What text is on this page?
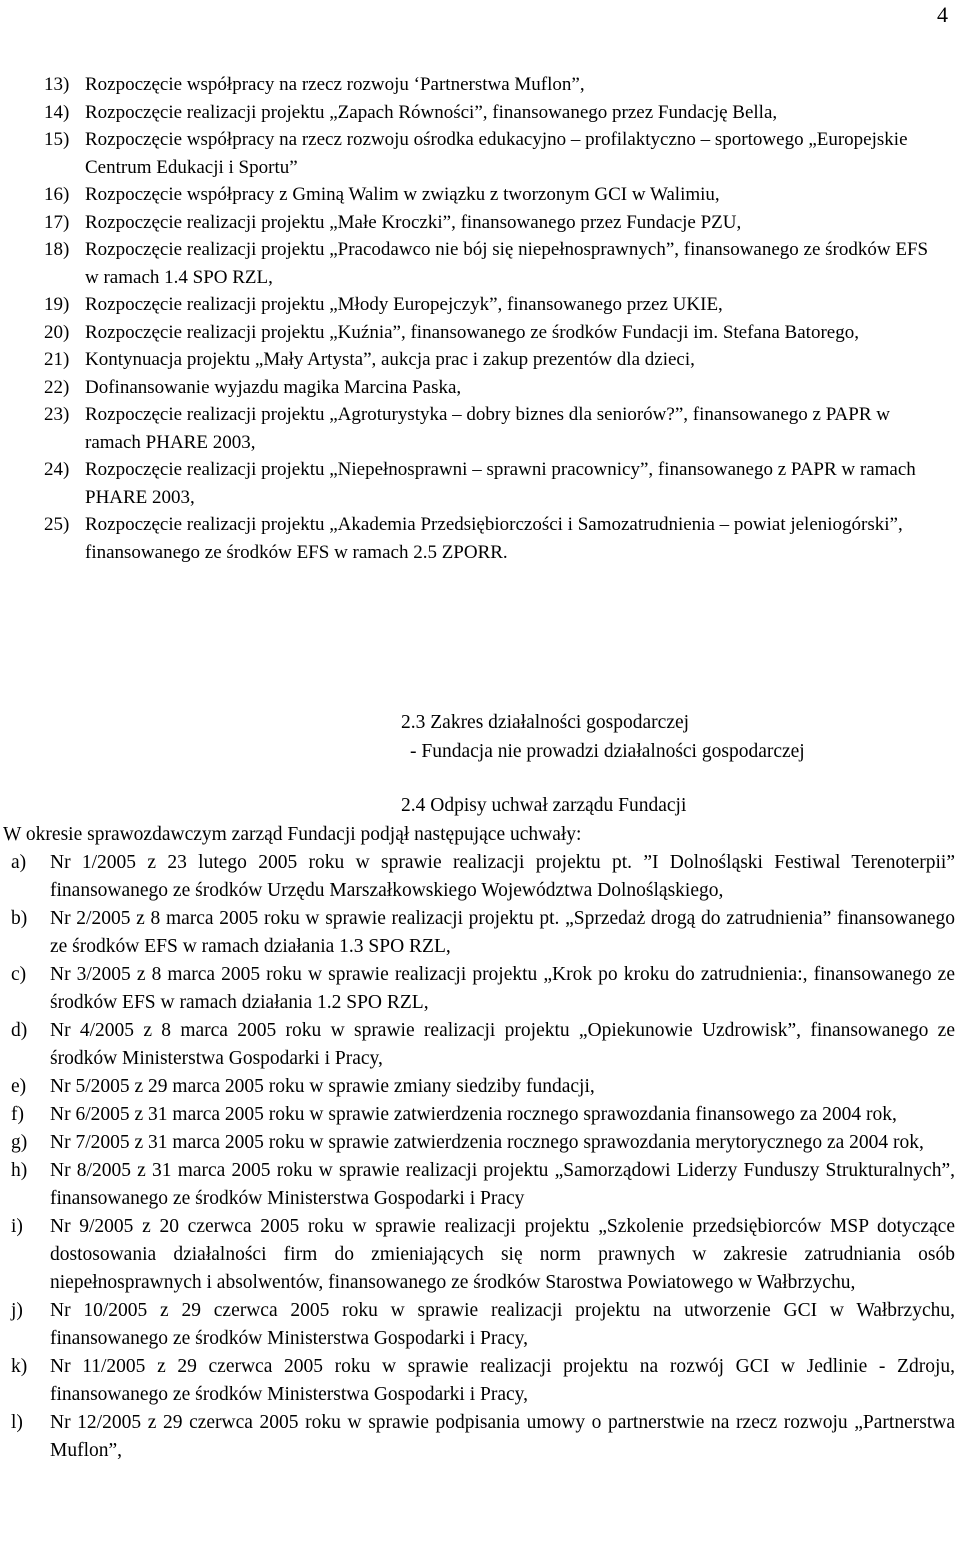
4
13) Rozpoczęcie współpracy na rzecz rozwoju ‘Partnerstwa Muflon”,
14) Rozpoczęcie realizacji projektu „Zapach Równości”, finansowanego przez Fundację Bella,
15) Rozpoczęcie współpracy na rzecz rozwoju ośrodka edukacyjno – profilaktyczno – sportowego „Europejskie Centrum Edukacji i Sportu”
16) Rozpoczęcie współpracy z Gminą Walim w związku z tworzonym GCI w Walimiu,
17) Rozpoczęcie realizacji projektu „Małe Kroczki”, finansowanego przez Fundacje PZU,
18) Rozpoczęcie realizacji projektu „Pracodawco nie bój się niepełnosprawnych”, finansowanego ze środków EFS w ramach 1.4 SPO RZL,
19) Rozpoczęcie realizacji projektu „Młody Europejczyk”, finansowanego przez UKIE,
20) Rozpoczęcie realizacji projektu „Kuźnia”, finansowanego ze środków Fundacji im. Stefana Batorego,
21) Kontynuacja projektu „Mały Artysta”, aukcja prac i zakup prezentów dla dzieci,
22) Dofinansowanie wyjazdu magika Marcina Paska,
23) Rozpoczęcie realizacji projektu „Agroturystyka – dobry biznes dla seniorów?”, finansowanego z PAPR w ramach PHARE 2003,
24) Rozpoczęcie realizacji projektu „Niepełnosprawni – sprawni pracownicy”, finansowanego z PAPR w ramach PHARE 2003,
25) Rozpoczęcie realizacji projektu „Akademia Przedsiębiorczości i Samozatrudnienia – powiat jeleniogórski”, finansowanego ze środków EFS w ramach 2.5 ZPORR.
2.3 Zakres działalności gospodarczej
- Fundacja nie prowadzi działalności gospodarczej
2.4 Odpisy uchwał zarządu Fundacji
W okresie sprawozdawczym zarząd Fundacji podjął następujące uchwały:
a) Nr 1/2005 z 23 lutego 2005 roku w sprawie realizacji projektu pt. ”I Dolnośląski Festiwal Terenoterpii” finansowanego ze środków Urzędu Marszałkowskiego Województwa Dolnośląskiego,
b) Nr 2/2005 z 8 marca 2005 roku w sprawie realizacji projektu pt. „Sprzedaż drogą do zatrudnienia” finansowanego ze środków EFS w ramach działania 1.3 SPO RZL,
c) Nr 3/2005 z 8 marca 2005 roku w sprawie realizacji projektu „Krok po kroku do zatrudnienia:, finansowanego ze środków EFS w ramach działania 1.2 SPO RZL,
d) Nr 4/2005 z 8 marca 2005 roku w sprawie realizacji projektu „Opiekunowie Uzdrowisk”, finansowanego ze środków Ministerstwa Gospodarki i Pracy,
e) Nr 5/2005 z 29 marca 2005 roku w sprawie zmiany siedziby fundacji,
f) Nr 6/2005 z 31 marca 2005 roku w sprawie zatwierdzenia rocznego sprawozdania finansowego za 2004 rok,
g) Nr 7/2005 z 31 marca 2005 roku w sprawie zatwierdzenia rocznego sprawozdania merytorycznego za 2004 rok,
h) Nr 8/2005 z 31 marca 2005 roku w sprawie realizacji projektu „Samorządowi Liderzy Funduszy Strukturalnych”, finansowanego ze środków Ministerstwa Gospodarki i Pracy
i) Nr 9/2005 z 20 czerwca 2005 roku w sprawie realizacji projektu „Szkolenie przedsiębiorców MSP dotyczące dostosowania działalności firm do zmieniających się norm prawnych w zakresie zatrudniania osób niepełnosprawnych i absolwentów, finansowanego ze środków Starostwa Powiatowego w Wałbrzychu,
j) Nr 10/2005 z 29 czerwca 2005 roku w sprawie realizacji projektu na utworzenie GCI w Wałbrzychu, finansowanego ze środków Ministerstwa Gospodarki i Pracy,
k) Nr 11/2005 z 29 czerwca 2005 roku w sprawie realizacji projektu na rozwój GCI w Jedlinie - Zdroju, finansowanego ze środków Ministerstwa Gospodarki i Pracy,
l) Nr 12/2005 z 29 czerwca 2005 roku w sprawie podpisania umowy o partnerstwie na rzecz rozwoju „Partnerstwa Muflon”,
